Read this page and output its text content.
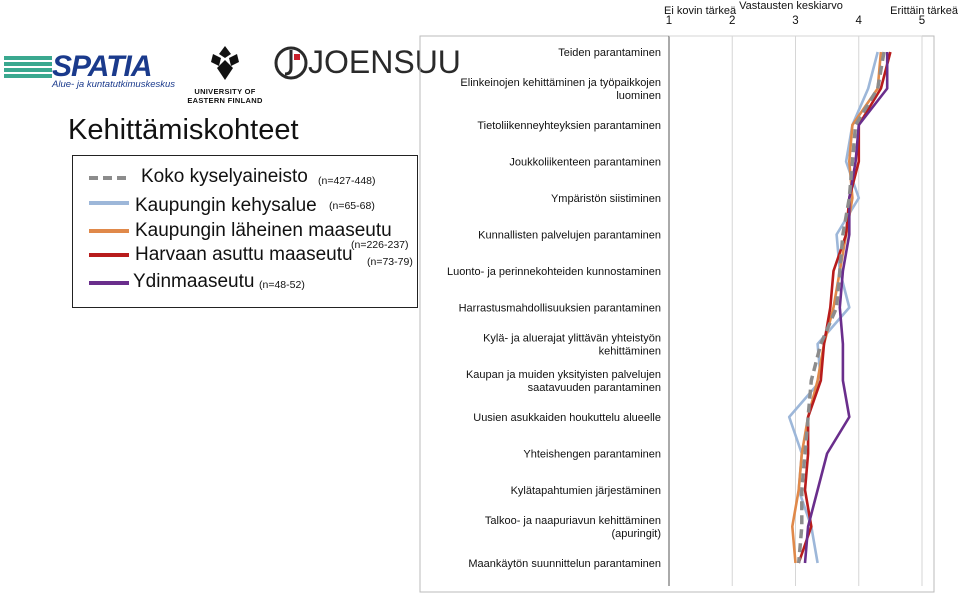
SPATIA
Alue- ja kuntatutkimuskeskus
UNIVERSITY OF
EASTERN FINLAND
JOENSUU
Kehittämiskohteet
Koko kyselyaineisto (n=427-448)
Kaupungin kehysalue (n=65-68)
Kaupungin läheinen maaseutu
(n=226-237)
Harvaan asuttu maaseutu (n=73-79)
Ydinmaaseutu (n=48-52)
Ei kovin tärkeä Vastausten keskiarvo	Erittäin tärkeä
1	2	3	4	5
Teiden parantaminen
Elinkeinojen kehittäminen ja työpaikkojen
luominen
Tietoliikenneyhteyksien parantaminen
Joukkoliikenteen parantaminen
Ympäristön siistiminen
Kunnallisten palvelujen parantaminen
Luonto- ja perinnekohteiden kunnostaminen
Harrastusmahdollisuuksien parantaminen
Kylä- ja aluerajat ylittävän yhteistyön
kehittäminen
Kaupan ja muiden yksityisten palvelujen
saatavuuden parantaminen
Uusien asukkaiden houkuttelu alueelle
Yhteishengen parantaminen
Kylätapahtumien järjestäminen
Talkoo- ja naapuriavun kehittäminen
(apuringit)
Maankäytön suunnittelun parantaminen
